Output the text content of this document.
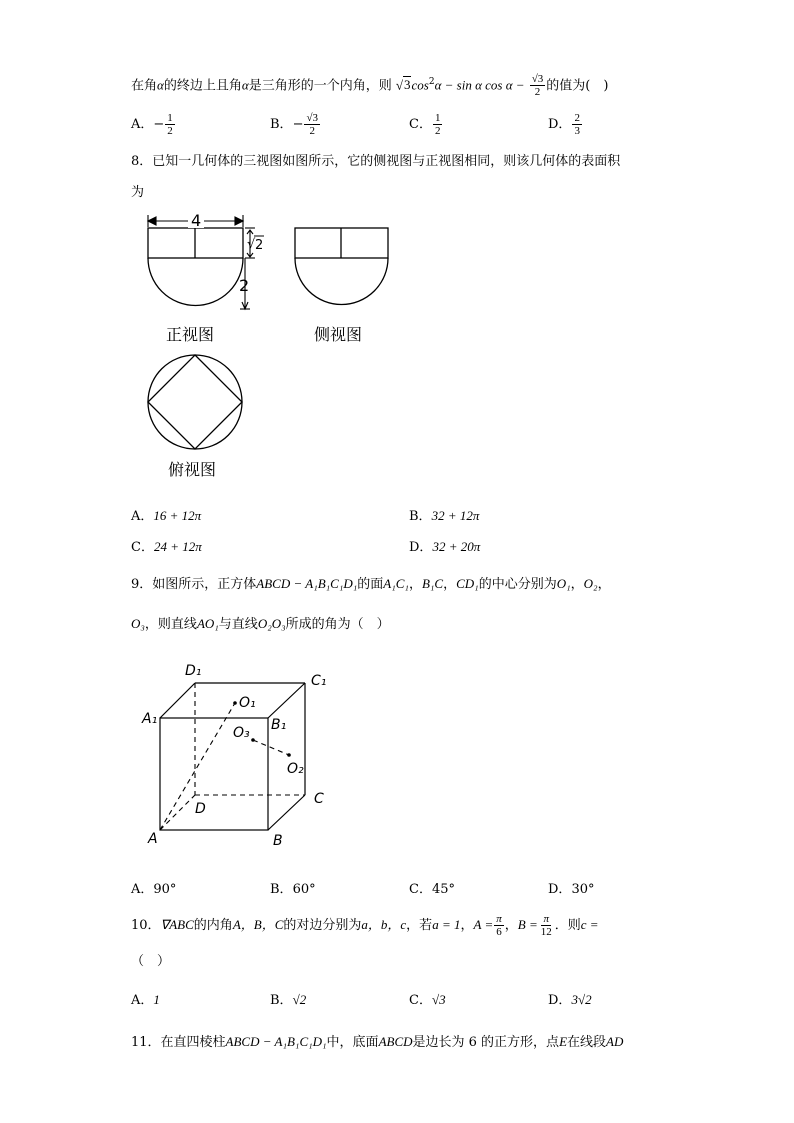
在角α的终边上且角α是三角形的一个内角，则 $√3\cos^2\alpha - \sin \alpha$ $\cos \alpha - \frac{√3}{2}$ 的值为(　)
A．− $\frac{1}{2}$	B．− $\frac{√3}{2}$	C． $\frac{1}{2}$	D． $\frac{2}{3}$
8．已知一几何体的三视图如图所示，它的侧视图与正视图相同，则该几何体的表面积
为
4
√ 2
2
正视图	侧视图
俯视图
A．16 + 12π	B．32 + 12π
C．24 + 12π	D．32 + 20π
9．如图所示，正方体ABCD − A₁B₁C₁D₁的面A₁C₁，B₁C，CD₁的中心分别为O₁，O₂，
O₃，则直线AO₁与直线O₂O₃所成的角为（　）
D₁
C₁
A₁	B₁
O₁
O₃
O₂
D
C
A	B
A．90°	B．60°	C．45°	D．30°
10．∇ABC的内角A，B，C的对边分别为a，b，c，若a = 1，$A = \frac{\pi}{6}$ ，$B = \frac{\pi}{12}$ ．则c =
（　）
A．1	B．√2	C．√3	D．3√2
11．在直四棱柱ABCD − A₁B₁C₁D₁中，底面ABCD是边长为 6 的正方形，点E在线段AD
